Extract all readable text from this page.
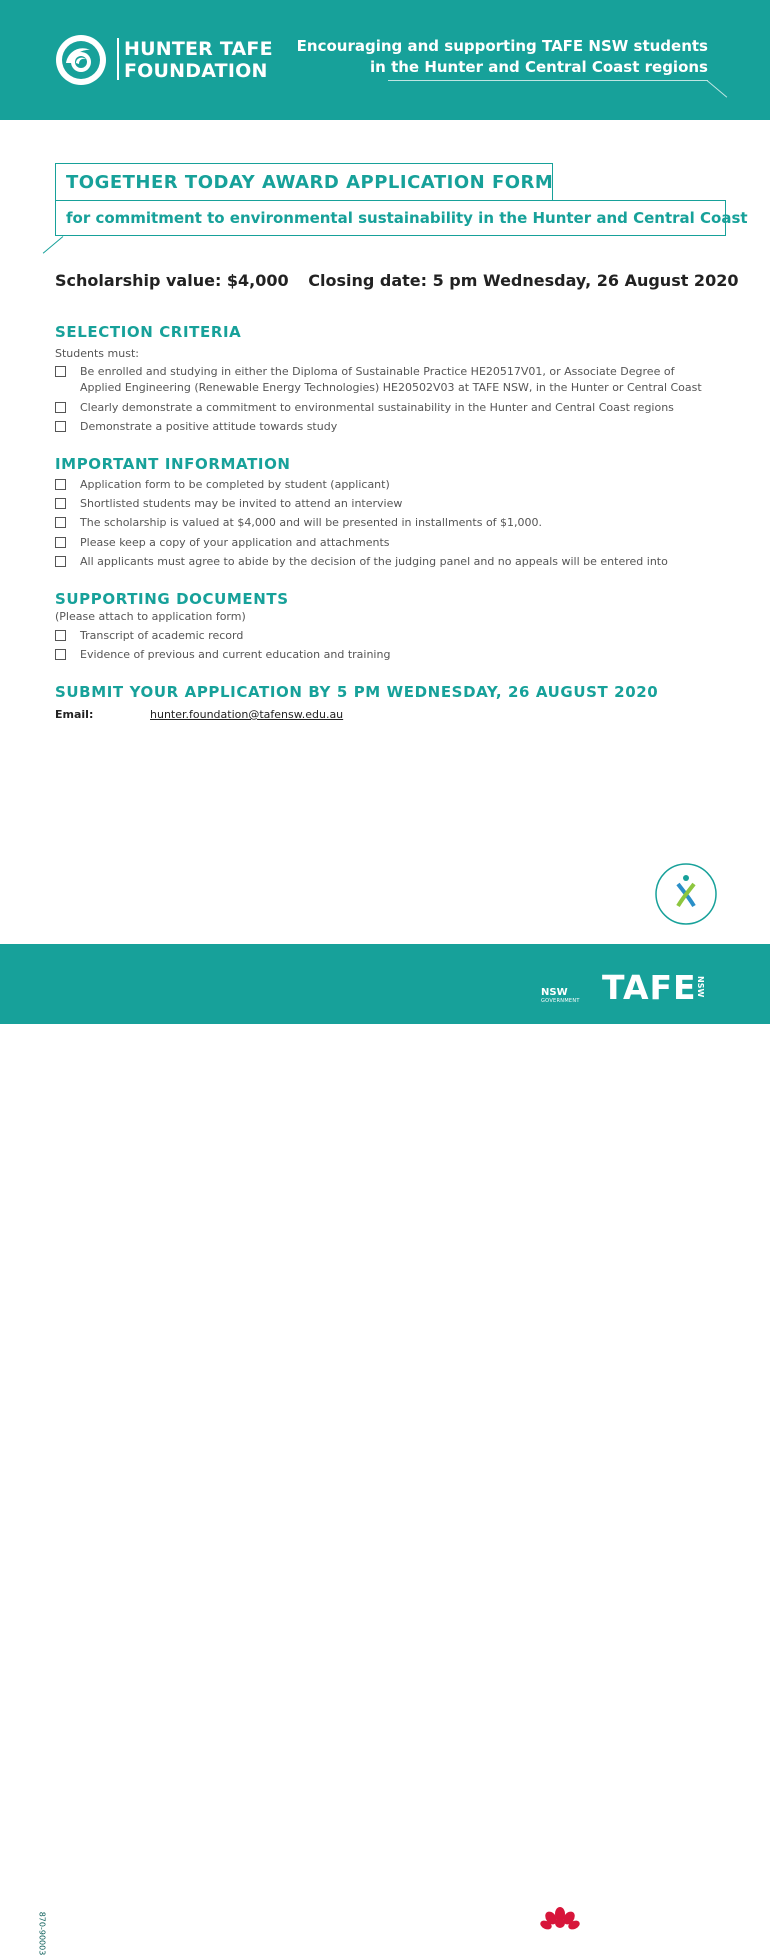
HUNTER TAFE
FOUNDATION
Encouraging and supporting TAFE NSW students
in the Hunter and Central Coast regions
TOGETHER TODAY AWARD APPLICATION FORM
for commitment to environmental sustainability in the Hunter and Central Coast
Scholarship value: $4,000 Closing date: 5 pm Wednesday, 26 August 2020
SELECTION CRITERIA
Students must:
Be enrolled and studying in either the Diploma of Sustainable Practice HE20517V01, or Associate Degree of Applied Engineering (Renewable Energy Technologies) HE20502V03 at TAFE NSW, in the Hunter or Central Coast
Clearly demonstrate a commitment to environmental sustainability in the Hunter and Central Coast regions
Demonstrate a positive attitude towards study
IMPORTANT INFORMATION
Application form to be completed by student (applicant)
Shortlisted students may be invited to attend an interview
The scholarship is valued at $4,000 and will be presented in installments of $1,000.
Please keep a copy of your application and attachments
All applicants must agree to abide by the decision of the judging panel and no appeals will be entered into
SUPPORTING DOCUMENTS
(Please attach to application form)
Transcript of academic record
Evidence of previous and current education and training
SUBMIT YOUR APPLICATION BY 5 PM WEDNESDAY, 26 AUGUST 2020
Email:	hunter.foundation@tafensw.edu.au
870-90003
NSW
GOVERNMENT TAFE NSW
